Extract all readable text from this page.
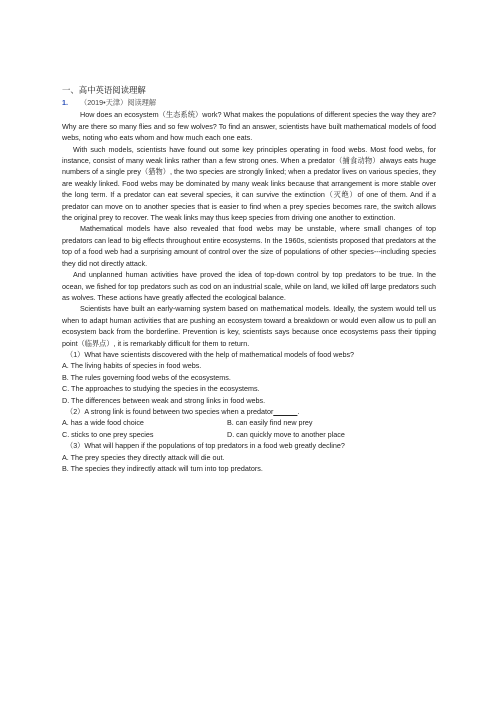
一、高中英语阅读理解
1. （2019•天津）阅读理解

How does an ecosystem（生态系统）work? What makes the populations of different species the way they are? Why are there so many flies and so few wolves? To find an answer, scientists have built mathematical models of food webs, noting who eats whom and how much each one eats.

With such models, scientists have found out some key principles operating in food webs. Most food webs, for instance, consist of many weak links rather than a few strong ones. When a predator（捕食动物）always eats huge numbers of a single prey（猎物）, the two species are strongly linked; when a predator lives on various species, they are weakly linked. Food webs may be dominated by many weak links because that arrangement is more stable over the long term. If a predator can eat several species, it can survive the extinction（灭绝）of one of them. And if a predator can move on to another species that is easier to find when a prey species becomes rare, the switch allows the original prey to recover. The weak links may thus keep species from driving one another to extinction.

Mathematical models have also revealed that food webs may be unstable, where small changes of top predators can lead to big effects throughout entire ecosystems. In the 1960s, scientists proposed that predators at the top of a food web had a surprising amount of control over the size of populations of other species---including species they did not directly attack.

And unplanned human activities have proved the idea of top-down control by top predators to be true. In the ocean, we fished for top predators such as cod on an industrial scale, while on land, we killed off large predators such as wolves. These actions have greatly affected the ecological balance.

Scientists have built an early-warning system based on mathematical models. Ideally, the system would tell us when to adapt human activities that are pushing an ecosystem toward a breakdown or would even allow us to pull an ecosystem back from the borderline. Prevention is key, scientists says because once ecosystems pass their tipping point（临界点）, it is remarkably difficult for them to return.

（1）What have scientists discovered with the help of mathematical models of food webs?

A. The living habits of species in food webs.

B. The rules governing food webs of the ecosystems.

C. The approaches to studying the species in the ecosystems.

D. The differences between weak and strong links in food webs.

（2）A strong link is found between two species when a predator______.

A. has a wide food choice	B. can easily find new prey
C. sticks to one prey species	D. can quickly move to another place

（3）What will happen if the populations of top predators in a food web greatly decline?

A. The prey species they directly attack will die out.

B. The species they indirectly attack will turn into top predators.
